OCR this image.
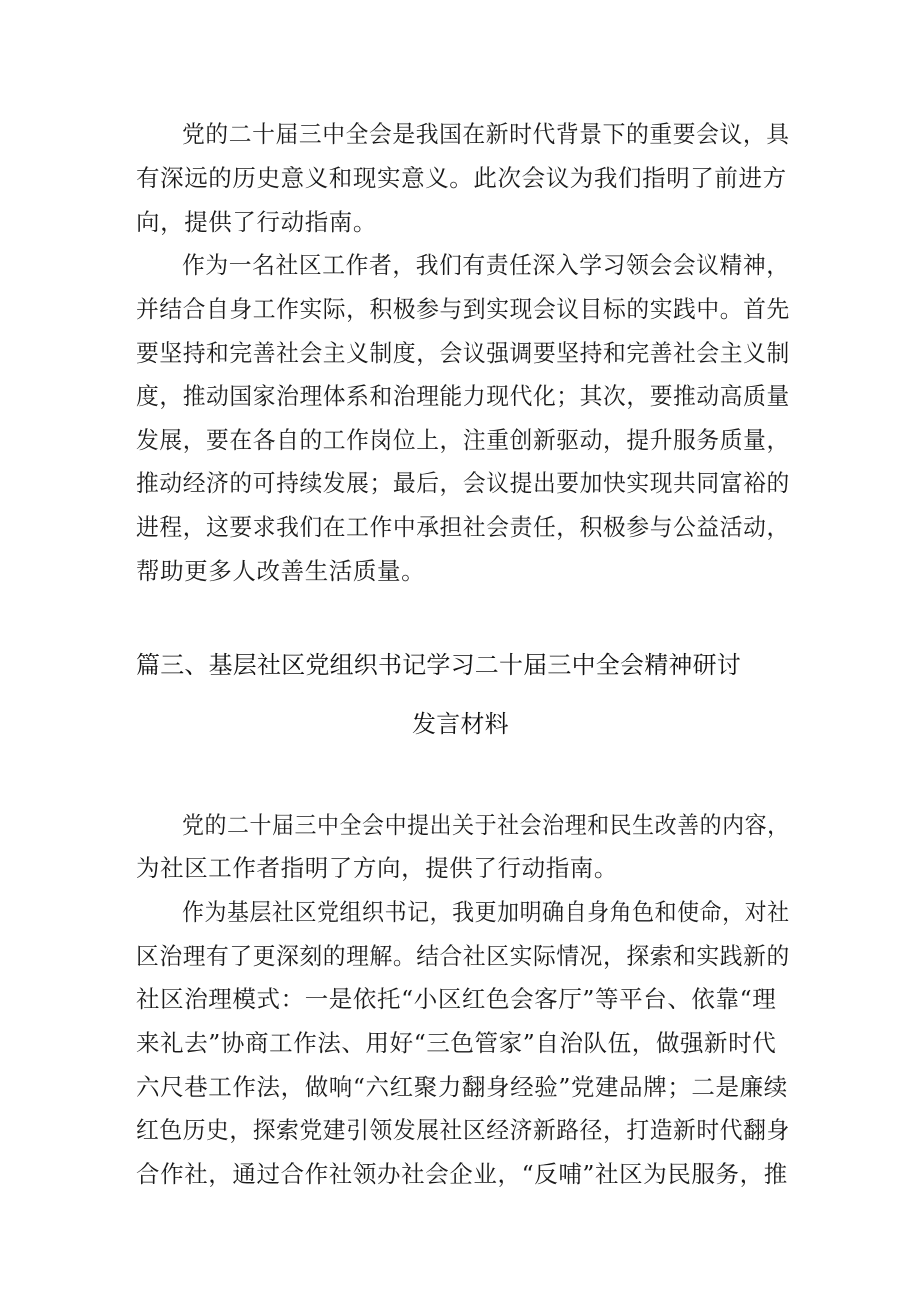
党的二十届三中全会是我国在新时代背景下的重要会议，具
有深远的历史意义和现实意义。此次会议为我们指明了前进方
向，提供了行动指南。
作为一名社区工作者，我们有责任深入学习领会会议精神，
并结合自身工作实际，积极参与到实现会议目标的实践中。首先
要坚持和完善社会主义制度，会议强调要坚持和完善社会主义制
度，推动国家治理体系和治理能力现代化；其次，要推动高质量
发展，要在各自的工作岗位上，注重创新驱动，提升服务质量，
推动经济的可持续发展；最后，会议提出要加快实现共同富裕的
进程，这要求我们在工作中承担社会责任，积极参与公益活动，
帮助更多人改善生活质量。
篇三、基层社区党组织书记学习二十届三中全会精神研讨
发言材料
党的二十届三中全会中提出关于社会治理和民生改善的内容，
为社区工作者指明了方向，提供了行动指南。
作为基层社区党组织书记，我更加明确自身角色和使命，对社
区治理有了更深刻的理解。结合社区实际情况，探索和实践新的
社区治理模式：一是依托“小区红色会客厅”等平台、依靠“理
来礼去”协商工作法、用好“三色管家”自治队伍，做强新时代
六尺巷工作法，做响“六红聚力翻身经验”党建品牌；二是廉续
红色历史，探索党建引领发展社区经济新路径，打造新时代翻身
合作社，通过合作社领办社会企业，“反哺”社区为民服务，推
